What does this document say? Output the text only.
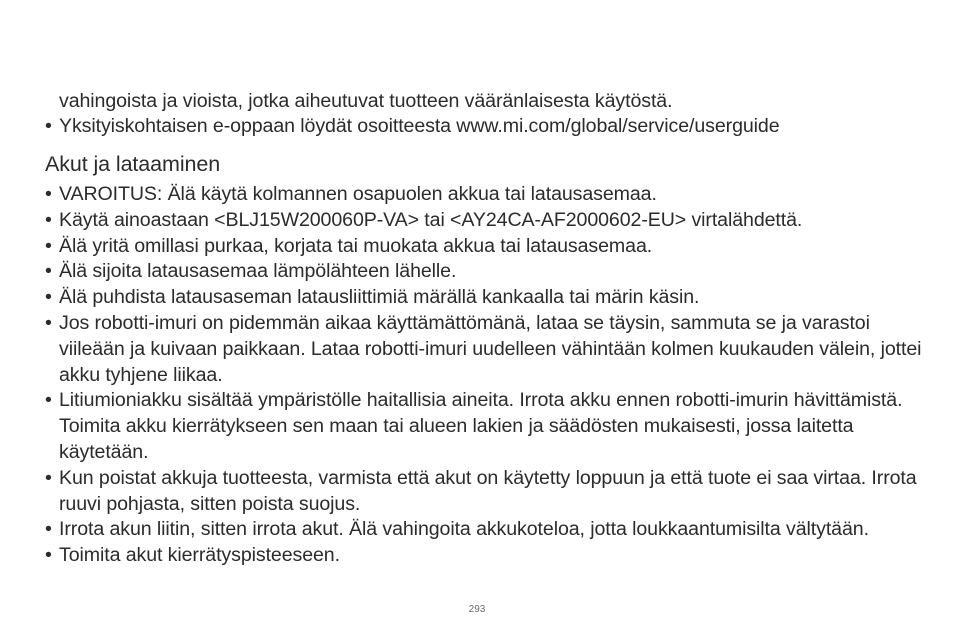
vahingoista ja vioista, jotka aiheutuvat tuotteen vääränlaisesta käytöstä.
• Yksityiskohtaisen e-oppaan löydät osoitteesta www.mi.com/global/service/userguide
Akut ja lataaminen
• VAROITUS: Älä käytä kolmannen osapuolen akkua tai latausasemaa.
• Käytä ainoastaan <BLJ15W200060P-VA> tai <AY24CA-AF2000602-EU> virtalähdettä.
• Älä yritä omillasi purkaa, korjata tai muokata akkua tai latausasemaa.
• Älä sijoita latausasemaa lämpölähteen lähelle.
• Älä puhdista latausaseman latausliittimiä märällä kankaalla tai märin käsin.
• Jos robotti-imuri on pidemmän aikaa käyttämättömänä, lataa se täysin, sammuta se ja varastoi viileään ja kuivaan paikkaan. Lataa robotti-imuri uudelleen vähintään kolmen kuukauden välein, jottei akku tyhjene liikaa.
• Litiumioniakku sisältää ympäristölle haitallisia aineita. Irrota akku ennen robotti-imurin hävittämistä. Toimita akku kierrätykseen sen maan tai alueen lakien ja säädösten mukaisesti, jossa laitetta käytetään.
• Kun poistat akkuja tuotteesta, varmista että akut on käytetty loppuun ja että tuote ei saa virtaa. Irrota ruuvi pohjasta, sitten poista suojus.
• Irrota akun liitin, sitten irrota akut. Älä vahingoita akkukoteloa, jotta loukkaantumisilta vältytään.
• Toimita akut kierrätyspisteeseen.
293
